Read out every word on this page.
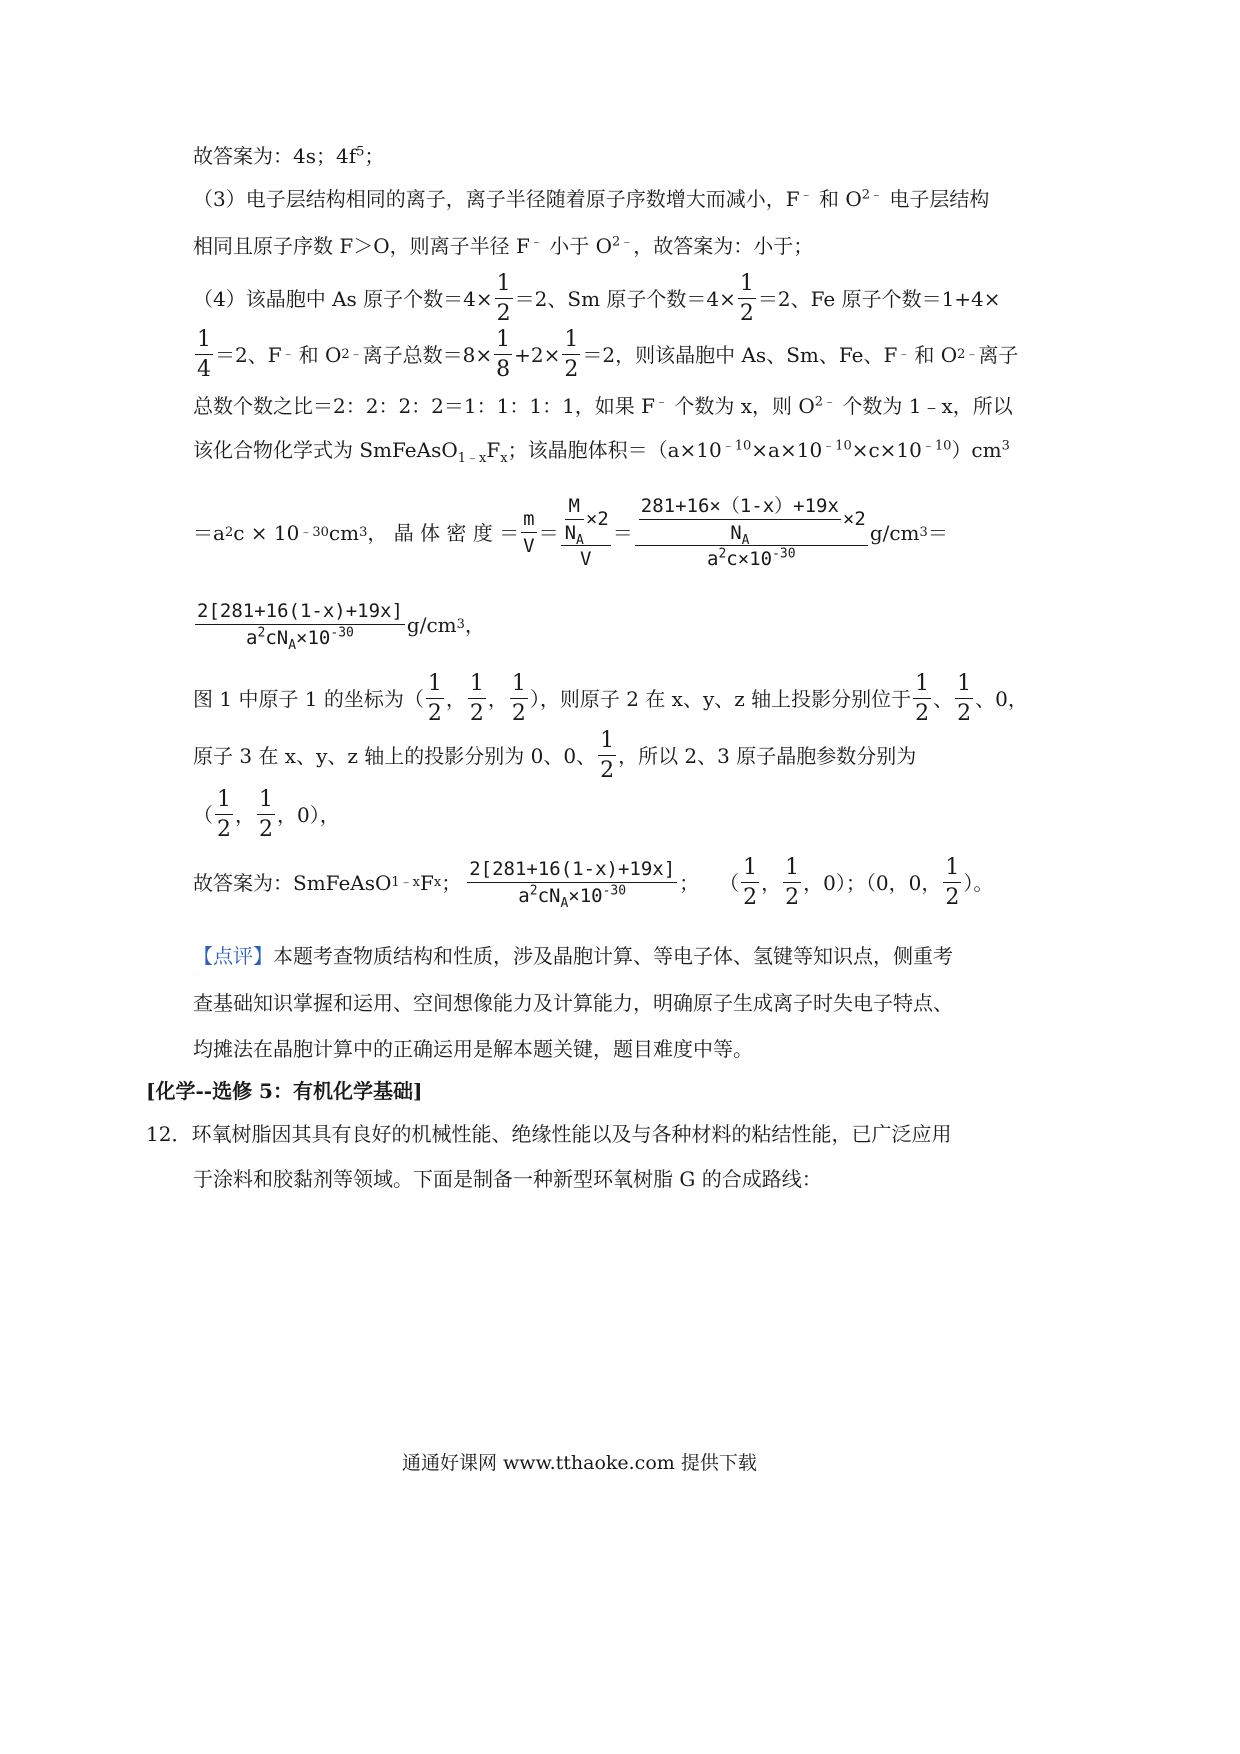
故答案为：4s；$4f^5$；
（3）电子层结构相同的离子，离子半径随着原子序数增大而减小，F﹣ 和 $O^{2﹣}$ 电子层结构
相同且原子序数 F＞O，则离子半径 F﹣ 小于 $O^{2﹣}$，故答案为：小于；
（4）该晶胞中 As 原子个数$=4\times \frac{1}{2} =2$、Sm 原子个数$=4\times \frac{1}{2} =2$、Fe 原子个数＝1+4×
$\frac{1}{4} =2$、F ﹣ 和 O 2﹣ 离子总数$=8\times \frac{1}{8} +2\times \frac{1}{2} =2$，则该晶胞中 As、Sm、Fe、F ﹣ 和 O 2﹣ 离子
总数个数之比＝2：2：2：2＝1：1：1：1，如果 F﹣ 个数为 x，则 $O^{2﹣}$ 个数为 1﹣x，所以
该化合物化学式为 $SmFeAsO_{1﹣x}F_x$；该晶胞体积$=(a\times 10^{﹣10}\times a\times 10^{﹣10}\times c\times 10^{﹣10})cm^3$
＝a 2 c × 10 ﹣30 cm 3 ， 晶 体 密 度 ＝ $\frac{m}{V} = \frac{\frac{M}{N_A} \times 2}{V} = \frac{\frac{281+16\times(1-x)+19x}{N_A} \times 2}{a^2c\times 10^{-30}} g/cm$ 3 ＝
$\frac{2[281+16(1-x)+19x]}{a^2cN_A\times 10^{-30}} g/cm$ 3 ，
图 1 中原子 1 的坐标为（ $\frac{1}{2}$ ， $\frac{1}{2}$ ， $\frac{1}{2}$ ），则原子 2 在 x、y、z 轴上投影分别位于 $\frac{1}{2}$ 、 $\frac{1}{2}$ 、0，
原子 3 在 x、y、z 轴上的投影分别为 0、0、 $\frac{1}{2}$ ，所以 2、3 原子晶胞参数分别为
（ $\frac{1}{2}$ ， $\frac{1}{2}$ ，0），
故答案为：SmFeAsO 1﹣x F x ； $\frac{2[281+16(1-x)+19x]}{a^2cN_A\times 10^{-30}}$ ； （ $\frac{1}{2}$ ， $\frac{1}{2}$ ，0）；（0，0， $\frac{1}{2}$ ）。
【点评】本题考查物质结构和性质，涉及晶胞计算、等电子体、氢键等知识点，侧重考
查基础知识掌握和运用、空间想像能力及计算能力，明确原子生成离子时失电子特点、
均摊法在晶胞计算中的正确运用是解本题关键，题目难度中等。
[化学--选修 5：有机化学基础]
12．环氧树脂因其具有良好的机械性能、绝缘性能以及与各种材料的粘结性能，已广泛应用
于涂料和胶黏剂等领域。下面是制备一种新型环氧树脂 G 的合成路线：
通通好课网 www.tthaoke.com 提供下载
